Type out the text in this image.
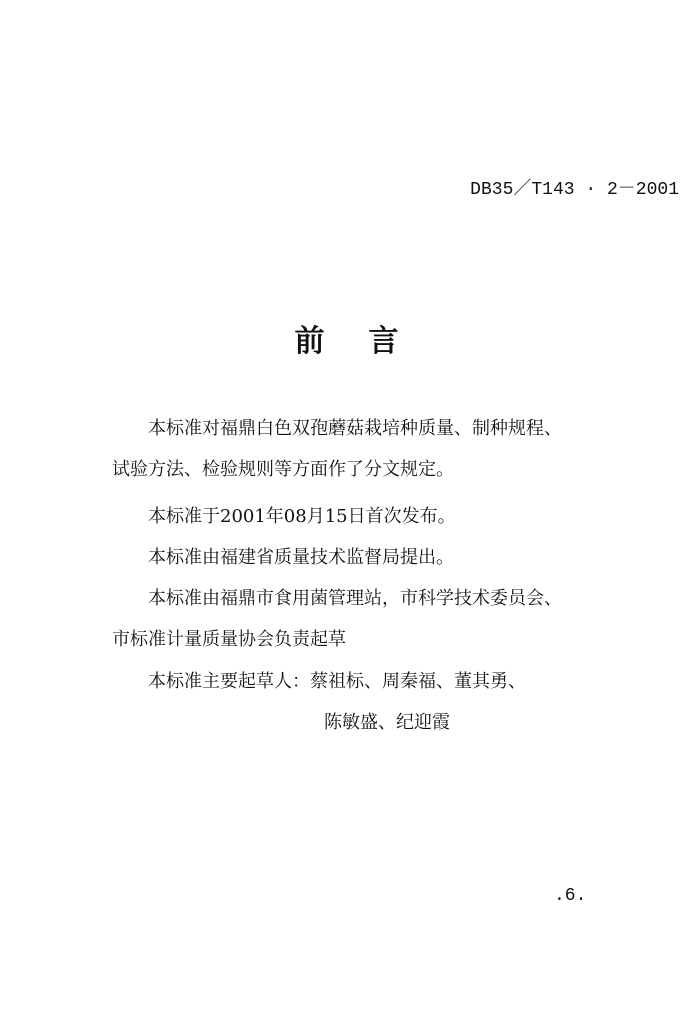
DB35／T143 · 2－2001
前言
本标准对福鼎白色双孢蘑菇栽培种质量、制种规程、
试验方法、检验规则等方面作了分文规定。
本标准于2001年08月15日首次发布。
本标准由福建省质量技术监督局提出。
本标准由福鼎市食用菌管理站，市科学技术委员会、
市标准计量质量协会负责起草
本标准主要起草人：蔡祖标、周秦福、董其勇、
陈敏盛、纪迎霞
.6.
